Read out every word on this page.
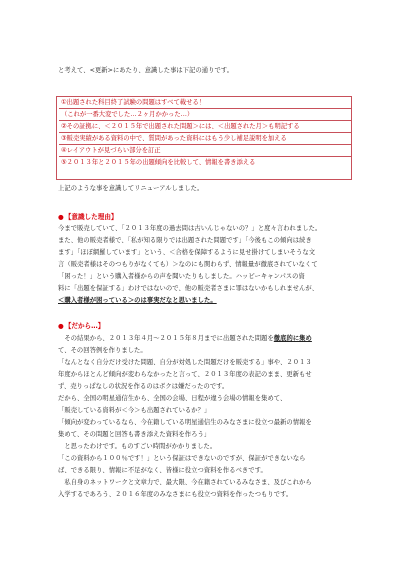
と考えて、<更新>にあたり、意識した事は下記の通りです。
①出題された科目終了試験の問題はすべて載せる！
（これが一番大変でした…２ヶ月かかった…）
②その証拠に、＜２０１５年で出題された問題＞には、＜出題された月＞も明記する
③販売実績がある資料の中で、質問があった資料にはもう少し補足説明を加える
④レイアウトが見づらい部分を訂正
⑤２０１３年と２０１５年の出題傾向を比較して、情報を書き添える
上記のような事を意識してリニューアルしました。
●【意識した理由】
今まで販売していて、「２０１３年度の過去問は古いんじゃないの？」と度々言われました。
また、他の販売者様で、「私が知る限りでは出題された問題です」「今後もこの傾向は続き
ます」「ほぼ網羅しています」という、＜合格を保障するように見せ掛けてしまいそうな文
言（販売者様はそのつもりがなくても）＞なのにも関わらず、情報量が徹底されていなくて
「困った！」という購入者様からの声を聞いたりもしました。ハッピーキャンパスの資
料に「出題を保証する」わけではないので、他の販売者さまに罪はないかもしれませんが、
＜購入者様が困っている＞のは事実だなと思いました。
●【だから…】
　その結果から、２０１３年４月～２０１５年８月までに出題された問題を徹底的に集め
て、その回答例を作りました。
「なんとなく自分だけ受けた問題、自分が対処した問題だけを販売する」事や、２０１３
年度からほとんど傾向が変わらなかったと言って、２０１３年度の表記のまま、更新もせ
ず、売りっぱなしの状況を作るのはボクは嫌だったのです。
だから、全国の明星通信生から、全国の会場、日程が違う会場の情報を集めて、
「販売している資料が＜今＞も出題されているか？」
「傾向が変わっているなら、今在籍している明星通信生のみなさまに役立つ最新の情報を
集めて、その問題と回答も書き添えた資料を作ろう」
　と思ったわけです。ものすごい時間がかかりました。
「この資料から１００％です！」という保証はできないのですが、保証ができないなら
ば、できる限り、情報に不足がなく、皆様に役立つ資料を作るべきです。
　私自身のネットワークと文章力で、最大限、今在籍されているみなさま、及びこれから
入学するであろう、２０１６年度のみなさまにも役立つ資料を作ったつもりです。
